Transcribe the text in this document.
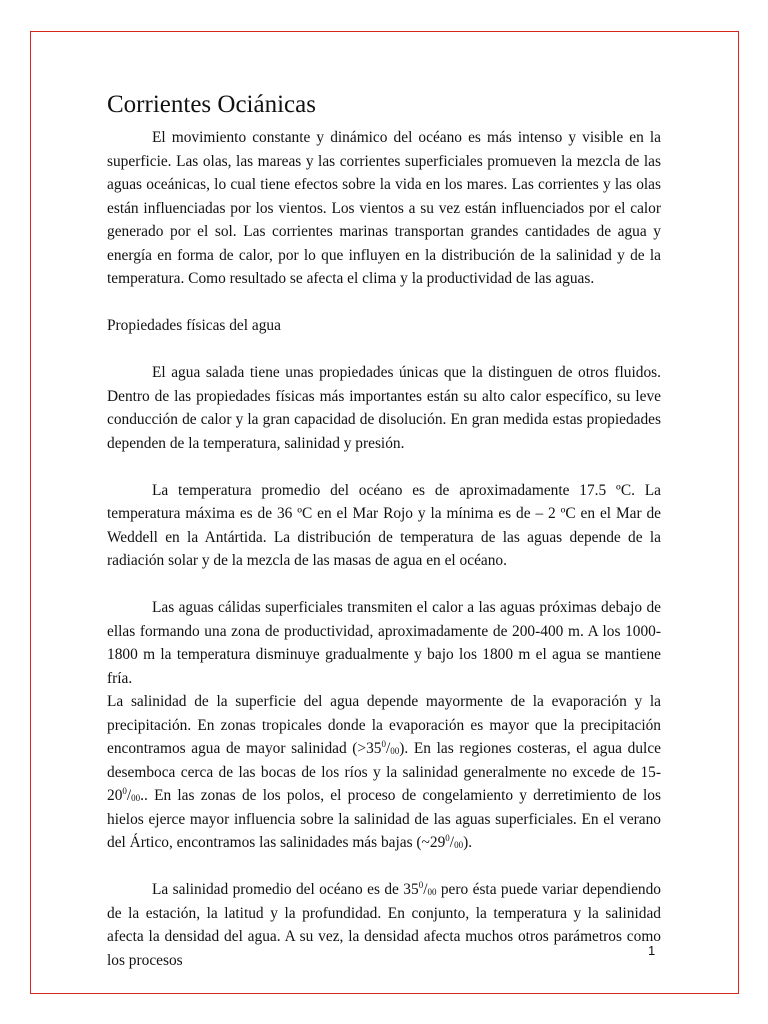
Corrientes Ociánicas

El movimiento constante y dinámico del océano es más intenso y visible en la superficie. Las olas, las mareas y las corrientes superficiales promueven la mezcla de las aguas oceánicas, lo cual tiene efectos sobre la vida en los mares. Las corrientes y las olas están influenciadas por los vientos. Los vientos a su vez están influenciados por el calor generado por el sol. Las corrientes marinas transportan grandes cantidades de agua y energía en forma de calor, por lo que influyen en la distribución de la salinidad y de la temperatura. Como resultado se afecta el clima y la productividad de las aguas.

Propiedades físicas del agua

El agua salada tiene unas propiedades únicas que la distinguen de otros fluidos. Dentro de las propiedades físicas más importantes están su alto calor específico, su leve conducción de calor y la gran capacidad de disolución. En gran medida estas propiedades dependen de la temperatura, salinidad y presión.

La temperatura promedio del océano es de aproximadamente 17.5 ºC. La temperatura máxima es de 36 ºC en el Mar Rojo y la mínima es de – 2 ºC en el Mar de Weddell en la Antártida. La distribución de temperatura de las aguas depende de la radiación solar y de la mezcla de las masas de agua en el océano.

Las aguas cálidas superficiales transmiten el calor a las aguas próximas debajo de ellas formando una zona de productividad, aproximadamente de 200-400 m. A los 1000-1800 m la temperatura disminuye gradualmente y bajo los 1800 m el agua se mantiene fría.

La salinidad de la superficie del agua depende mayormente de la evaporación y la precipitación. En zonas tropicales donde la evaporación es mayor que la precipitación encontramos agua de mayor salinidad $(>35^0/_{00})$. En las regiones costeras, el agua dulce desemboca cerca de las bocas de los ríos y la salinidad generalmente no excede de $15-20^0/_{00}$.. En las zonas de los polos, el proceso de congelamiento y derretimiento de los hielos ejerce mayor influencia sobre la salinidad de las aguas superficiales. En el verano del Ártico, encontramos las salinidades más bajas $(\sim 29^0/_{00})$.

La salinidad promedio del océano es de $35^0/_{00}$ pero ésta puede variar dependiendo de la estación, la latitud y la profundidad. En conjunto, la temperatura y la salinidad afecta la densidad del agua. A su vez, la densidad afecta muchos otros parámetros como los procesos

1
